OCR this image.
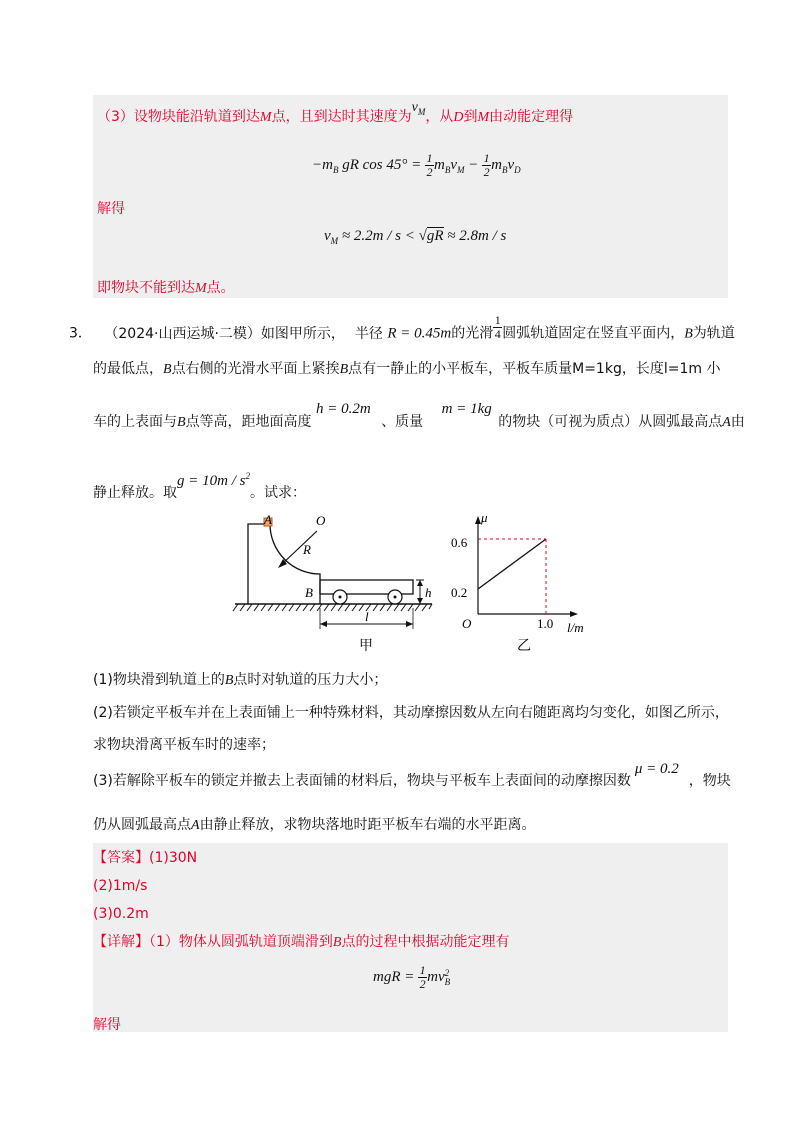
（3）设物块能沿轨道到达M点，且到达时其速度为$v_M$，从D到M由动能定理得
$-m_B$ gR $\cos 45^\circ = \frac{1}{2} m_Bv_M - \frac{1}{2} m_Bv_D$
解得
$v_M \approx 2.2m / s < √gR \approx 2.8m / s$
即物块不能到达M点。
3． （2024·山西运城·二模）如图甲所示， 半径 R = 0.45m的光滑 $\frac{1}{4}$ 圆弧轨道固定在竖直平面内，B为轨道
的最低点，B点右侧的光滑水平面上紧挨B点有一静止的小平板车，平板车质量M=1kg，长度l=1m 小
车的上表面与B点等高，距地面高度 h = 0.2m 、质量 m = 1kg 的物块（可视为质点）从圆弧最高点A由
静止释放。取$g = 10m / s^2$。试求：
A	O
R
B	h
l
甲
μ
l/m
O
0.6
0.2
1.0
乙
(1)物块滑到轨道上的B点时对轨道的压力大小；
(2)若锁定平板车并在上表面铺上一种特殊材料，其动摩擦因数从左向右随距离均匀变化，如图乙所示，
求物块滑离平板车时的速率；
(3)若解除平板车的锁定并撤去上表面铺的材料后，物块与平板车上表面间的动摩擦因数μ = 0.2，物块
仍从圆弧最高点A由静止释放，求物块落地时距平板车右端的水平距离。
【答案】(1)30N
(2)1m/s
(3)0.2m
【详解】（1）物体从圆弧轨道顶端滑到B点的过程中根据动能定理有
mgR = $\frac{1}{2}$ mv 2
B
解得
